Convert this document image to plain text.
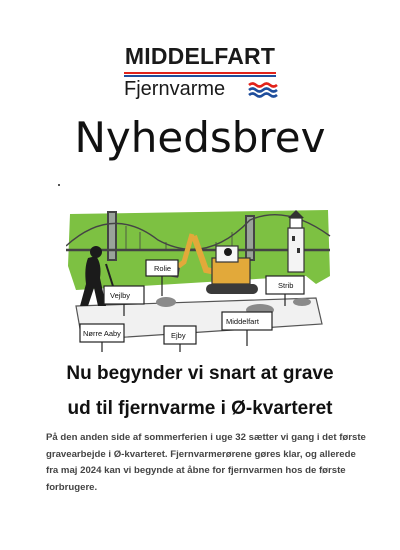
MIDDELFART
Fjernvarme
Nyhedsbrev
Rolie
Strib
Vejlby
Middelfart
Nørre Aaby	Ejby
Nu begynder vi snart at grave
ud til fjernvarme i Ø-kvarteret
På den anden side af sommerferien i uge 32 sætter vi gang i det første
gravearbejde i Ø-kvarteret. Fjernvarmerørene gøres klar, og allerede
fra maj 2024 kan vi begynde at åbne for fjernvarmen hos de første
forbrugere.
